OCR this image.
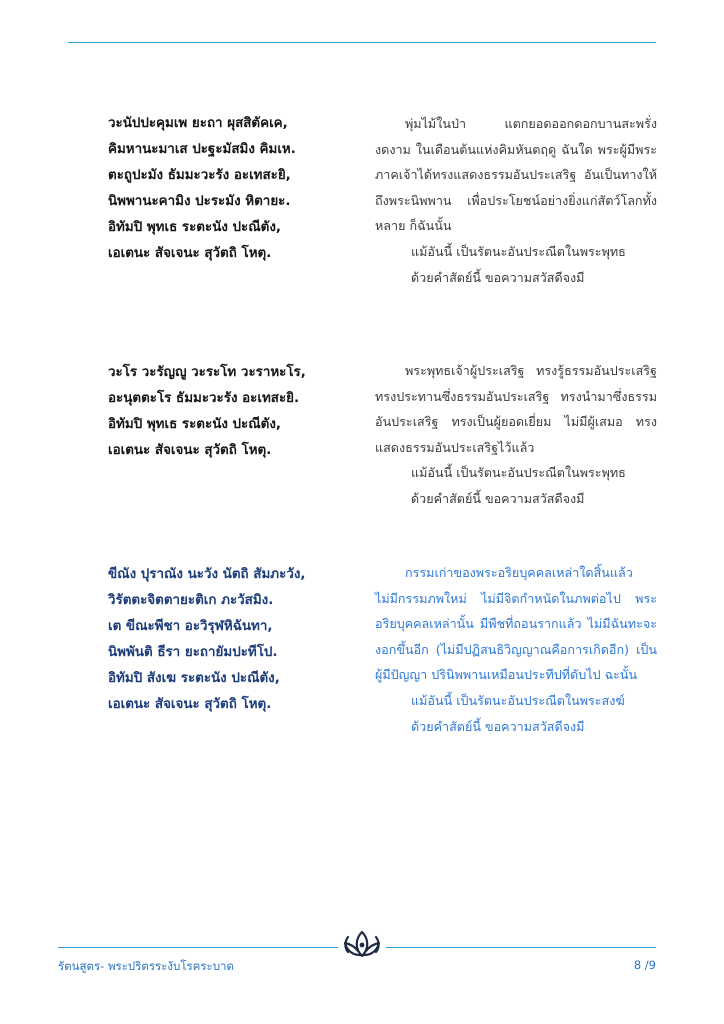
วะนัปปะคุมเพ ยะถา ผุสสิตัคเค,
คิมหานะมาเส ปะฐะมัสมิง คิมเห.
ตะถูปะมัง ธัมมะวะรัง อะเทสะยิ,
นิพพานะคามิง ปะระมัง หิตายะ.
อิทัมปิ พุทเธ ระตะนัง ปะณีตัง,
เอเตนะ สัจเจนะ สุวัตถิ โหตุ.

พุ่มไม้ในป่า แตกยอดออกดอกบานสะพรั่งงดงาม ในเดือนต้นแห่งคิมหันตฤดู ฉันใด พระผู้มีพระภาคเจ้าได้ทรงแสดงธรรมอันประเสริฐ อันเป็นทางให้ถึงพระนิพพาน เพื่อประโยชน์อย่างยิ่งแก่สัตว์โลกทั้งหลาย ก็ฉันนั้น

แม้อันนี้ เป็นรัตนะอันประณีตในพระพุทธ

ด้วยคำสัตย์นี้ ขอความสวัสดีจงมี

วะโร วะรัญญู วะระโท วะราหะโร,
อะนุตตะโร ธัมมะวะรัง อะเทสะยิ.
อิทัมปิ พุทเธ ระตะนัง ปะณีตัง,
เอเตนะ สัจเจนะ สุวัตถิ โหตุ.

พระพุทธเจ้าผู้ประเสริฐ ทรงรู้ธรรมอันประเสริฐ ทรงประทานซึ่งธรรมอันประเสริฐ ทรงนำมาซึ่งธรรมอันประเสริฐ ทรงเป็นผู้ยอดเยี่ยม ไม่มีผู้เสมอ ทรงแสดงธรรมอันประเสริฐไว้แล้ว

แม้อันนี้ เป็นรัตนะอันประณีตในพระพุทธ

ด้วยคำสัตย์นี้ ขอความสวัสดีจงมี

ขีณัง ปุราณัง นะวัง นัตถิ สัมภะวัง,
วิรัตตะจิตตายะติเก ภะวัสมิง.
เต ขีณะพีชา อะวิรุฬหิฉันทา,
นิพพันติ ธีรา ยะถายัมปะทีโป.
อิทัมปิ สังเฆ ระตะนัง ปะณีตัง,
เอเตนะ สัจเจนะ สุวัตถิ โหตุ.

กรรมเก่าของพระอริยบุคคลเหล่าใดสิ้นแล้ว ไม่มีกรรมภพใหม่ ไม่มีจิตกำหนัดในภพต่อไป พระอริยบุคคลเหล่านั้น มีพืชที่ถอนรากแล้ว ไม่มีฉันทะจะงอกขึ้นอีก (ไม่มีปฏิสนธิวิญญาณคือการเกิดอีก) เป็นผู้มีปัญญา ปรินิพพานเหมือนประทีปที่ดับไป ฉะนั้น

แม้อันนี้ เป็นรัตนะอันประณีตในพระสงฆ์

ด้วยคำสัตย์นี้ ขอความสวัสดีจงมี

รัตนสูตร- พระปริตรระงับโรคระบาด	8 /9
